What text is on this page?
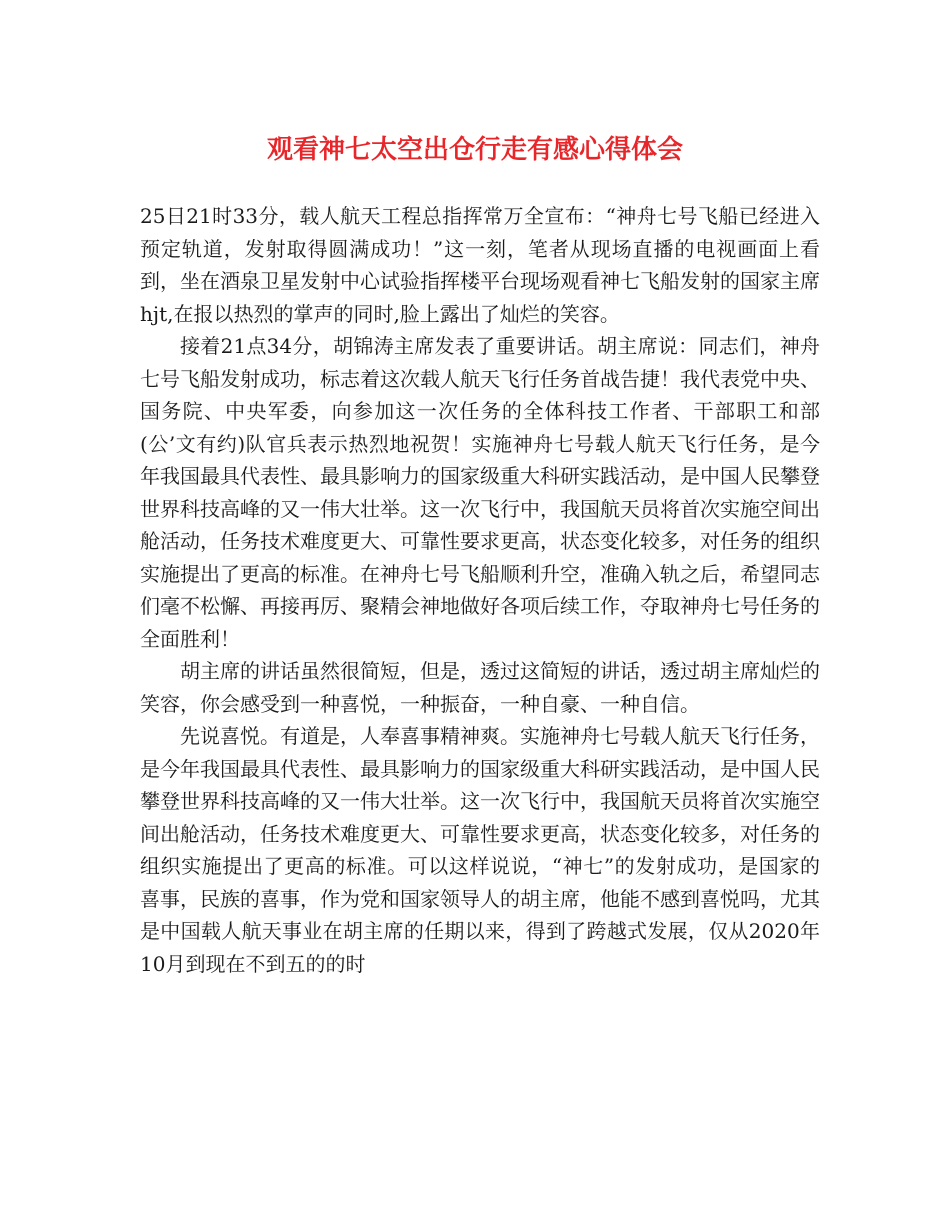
观看神七太空出仓行走有感心得体会

25日21时33分，载人航天工程总指挥常万全宣布：“神舟七号飞船已经进入预定轨道，发射取得圆满成功！”这一刻，笔者从现场直播的电视画面上看到，坐在酒泉卫星发射中心试验指挥楼平台现场观看神七飞船发射的国家主席hjt,在报以热烈的掌声的同时,脸上露出了灿烂的笑容。

接着21点34分，胡锦涛主席发表了重要讲话。胡主席说：同志们，神舟七号飞船发射成功，标志着这次载人航天飞行任务首战告捷！我代表党中央、国务院、中央军委，向参加这一次任务的全体科技工作者、干部职工和部(公’文有约)队官兵表示热烈地祝贺！实施神舟七号载人航天飞行任务，是今年我国最具代表性、最具影响力的国家级重大科研实践活动，是中国人民攀登世界科技高峰的又一伟大壮举。这一次飞行中，我国航天员将首次实施空间出舱活动，任务技术难度更大、可靠性要求更高，状态变化较多，对任务的组织实施提出了更高的标准。在神舟七号飞船顺利升空，准确入轨之后，希望同志们毫不松懈、再接再厉、聚精会神地做好各项后续工作，夺取神舟七号任务的全面胜利！

胡主席的讲话虽然很简短，但是，透过这简短的讲话，透过胡主席灿烂的笑容，你会感受到一种喜悦，一种振奋，一种自豪、一种自信。

先说喜悦。有道是，人奉喜事精神爽。实施神舟七号载人航天飞行任务，是今年我国最具代表性、最具影响力的国家级重大科研实践活动，是中国人民攀登世界科技高峰的又一伟大壮举。这一次飞行中，我国航天员将首次实施空间出舱活动，任务技术难度更大、可靠性要求更高，状态变化较多，对任务的组织实施提出了更高的标准。可以这样说说，“神七”的发射成功，是国家的喜事，民族的喜事，作为党和国家领导人的胡主席，他能不感到喜悦吗，尤其是中国载人航天事业在胡主席的任期以来，得到了跨越式发展，仅从2020年10月到现在不到五的的时
